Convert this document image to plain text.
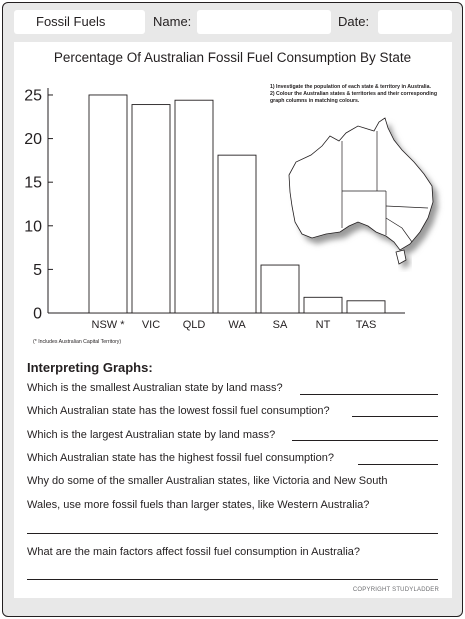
Fossil Fuels	Name:	Date:
Percentage Of Australian Fossil Fuel Consumption By State
0
5
10
15
20
25
NSW * VIC QLD WA SA	NT TAS
1) Investigate the population of each state & territory in Australia.
2) Colour the Australian states & territories and their corresponding graph columns in matching colours.
(* Includes Australian Capital Territory)
Interpreting Graphs:
Which is the smallest Australian state by land mass?
Which Australian state has the lowest fossil fuel consumption?
Which is the largest Australian state by land mass?
Which Australian state has the highest fossil fuel consumption?
Why do some of the smaller Australian states, like Victoria and New South
Wales, use more fossil fuels than larger states, like Western Australia?
What are the main factors affect fossil fuel consumption in Australia?
COPYRIGHT STUDYLADDER
